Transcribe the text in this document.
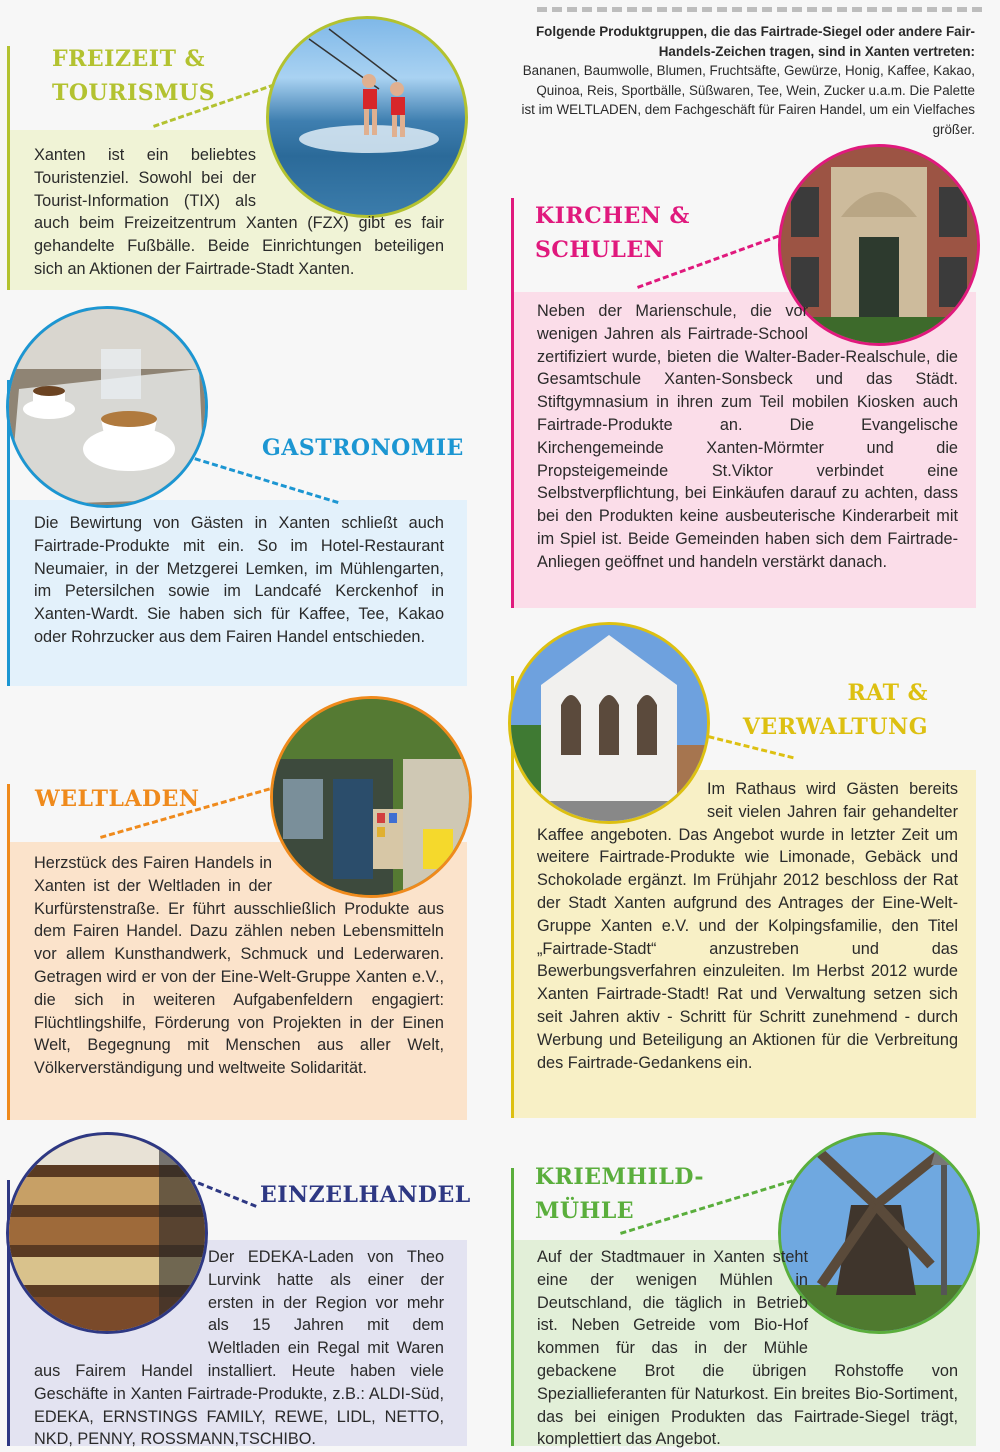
Folgende Produktgruppen, die das Fairtrade-Siegel oder andere Fair-Handels-Zeichen tragen, sind in Xanten vertreten:
Bananen, Baumwolle, Blumen, Fruchtsäfte, Gewürze, Honig, Kaffee, Kakao, Quinoa, Reis, Sportbälle, Süßwaren, Tee, Wein, Zucker u.a.m. Die Palette ist im WELTLADEN, dem Fachgeschäft für Fairen Handel, um ein Vielfaches größer.
FREIZEIT &
TOURISMUS

Xanten ist ein beliebtes Touristenziel. Sowohl bei der Tourist-Information (TIX) als auch beim Freizeitzentrum Xanten (FZX) gibt es fair gehandelte Fußbälle. Beide Einrichtungen beteiligen sich an Aktionen der Fairtrade-Stadt Xanten.

KIRCHEN &
SCHULEN

Neben der Marienschule, die vor wenigen Jahren als Fairtrade-School zertifiziert wurde, bieten die Walter-Bader-Realschule, die Gesamtschule Xanten-Sonsbeck und das Städt. Stiftgymnasium in ihren zum Teil mobilen Kiosken auch Fairtrade-Produkte an. Die Evangelische Kirchengemeinde Xanten-Mörmter und die Propsteigemeinde St.Viktor verbindet eine Selbstverpflichtung, bei Einkäufen darauf zu achten, dass bei den Produkten keine ausbeuterische Kinderarbeit mit im Spiel ist. Beide Gemeinden haben sich dem Fairtrade-Anliegen geöffnet und handeln verstärkt danach.

GASTRONOMIE
Die Bewirtung von Gästen in Xanten schließt auch Fairtrade-Produkte mit ein. So im Hotel-Restaurant Neumaier, in der Metzgerei Lemken, im Mühlengarten, im Petersilchen sowie im Landcafé Kerckenhof in Xanten-Wardt. Sie haben sich für Kaffee, Tee, Kakao oder Rohrzucker aus dem Fairen Handel entschieden.
RAT &
VERWALTUNG

Im Rathaus wird Gästen bereits seit vielen Jahren fair gehandelter Kaffee angeboten. Das Angebot wurde in letzter Zeit um weitere Fairtrade-Produkte wie Limonade, Gebäck und Schokolade ergänzt. Im Frühjahr 2012 beschloss der Rat der Stadt Xanten aufgrund des Antrages der Eine-Welt-Gruppe Xanten e.V. und der Kolpingsfamilie, den Titel „Fairtrade-Stadt“ anzustreben und das Bewerbungsverfahren einzuleiten. Im Herbst 2012 wurde Xanten Fairtrade-Stadt! Rat und Verwaltung setzen sich seit Jahren aktiv - Schritt für Schritt zunehmend - durch Werbung und Beteiligung an Aktionen für die Verbreitung des Fairtrade-Gedankens ein.

WELTLADEN

Herzstück des Fairen Handels in Xanten ist der Weltladen in der Kurfürstenstraße. Er führt ausschließlich Produkte aus dem Fairen Handel. Dazu zählen neben Lebensmitteln vor allem Kunsthandwerk, Schmuck und Lederwaren. Getragen wird er von der Eine-Welt-Gruppe Xanten e.V., die sich in weiteren Aufgabenfeldern engagiert: Flüchtlingshilfe, Förderung von Projekten in der Einen Welt, Begegnung mit Menschen aus aller Welt, Völkerverständigung und weltweite Solidarität.

EINZELHANDEL

Der EDEKA-Laden von Theo Lurvink hatte als einer der ersten in der Region vor mehr als 15 Jahren mit dem Weltladen ein Regal mit Waren aus Fairem Handel installiert. Heute haben viele Geschäfte in Xanten Fairtrade-Produkte, z.B.: ALDI-Süd, EDEKA, ERNSTINGS FAMILY, REWE, LIDL, NETTO, NKD, PENNY, ROSSMANN,TSCHIBO.

KRIEMHILD-
MÜHLE

Auf der Stadtmauer in Xanten steht eine der wenigen Mühlen in Deutschland, die täglich in Betrieb ist. Neben Getreide vom Bio-Hof kommen für das in der Mühle gebackene Brot die übrigen Rohstoffe von Speziallieferanten für Naturkost. Ein breites Bio-Sortiment, das bei einigen Produkten das Fairtrade-Siegel trägt, komplettiert das Angebot.
